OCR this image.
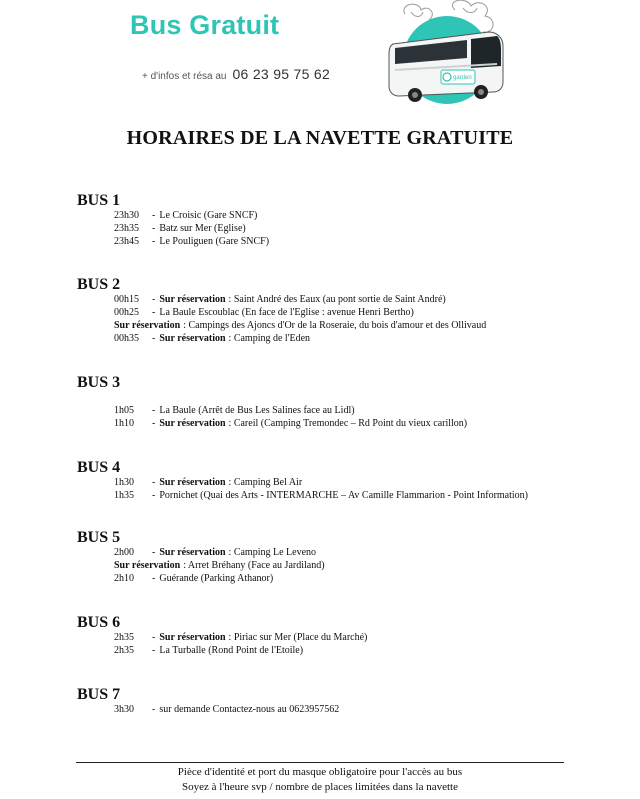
Bus Gratuit
+ d'infos et résa au 06 23 95 75 62	garden
HORAIRES DE LA NAVETTE GRATUITE
BUS 1
23h30	- Le Croisic (Gare SNCF)
23h35	- Batz sur Mer (Eglise)
23h45	- Le Pouliguen (Gare SNCF)
BUS 2
00h15	- Sur réservation : Saint André des Eaux (au pont sortie de Saint André)
00h25	- La Baule Escoublac (En face de l'Eglise : avenue Henri Bertho)
Sur réservation : Campings des Ajoncs d'Or de la Roseraie, du bois d'amour et des Ollivaud
00h35	- Sur réservation : Camping de l'Eden
BUS 3
1h05	- La Baule (Arrêt de Bus Les Salines face au Lidl)
1h10	- Sur réservation : Careil (Camping Tremondec – Rd Point du vieux carillon)
BUS 4
1h30	- Sur réservation : Camping Bel Air
1h35	- Pornichet (Quai des Arts - INTERMARCHE – Av Camille Flammarion - Point Information)
BUS 5
2h00	- Sur réservation : Camping Le Leveno
Sur réservation : Arret Bréhany (Face au Jardiland)
2h10	- Guérande (Parking Athanor)
BUS 6
2h35	- Sur réservation : Piriac sur Mer (Place du Marché)
2h35	- La Turballe (Rond Point de l'Etoile)
BUS 7
3h30	- sur demande Contactez-nous au 0623957562
Pièce d'identité et port du masque obligatoire pour l'accès au bus
Soyez à l'heure svp / nombre de places limitées dans la navette
